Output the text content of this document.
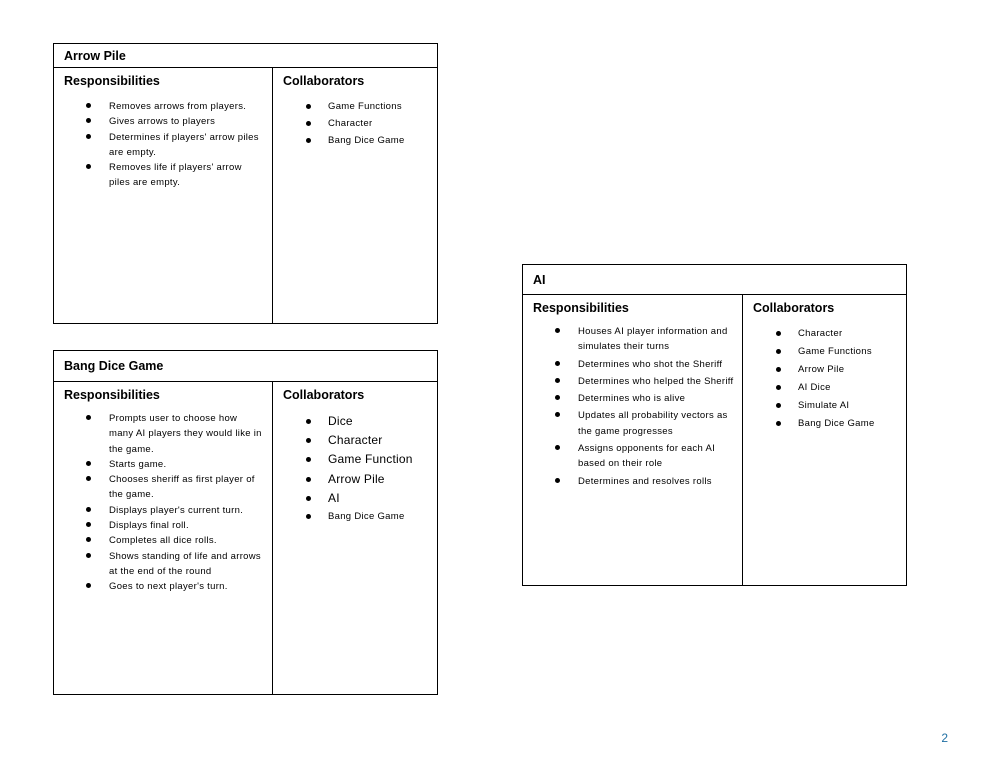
Arrow Pile
Responsibilities
Removes arrows from players.
Gives arrows to players
Determines if players' arrow piles are empty.
Removes life if players' arrow piles are empty.
Collaborators
Game Functions
Character
Bang Dice Game
Bang Dice Game
Responsibilities
Prompts user to choose how many AI players they would like in the game.
Starts game.
Chooses sheriff as first player of the game.
Displays player's current turn.
Displays final roll.
Completes all dice rolls.
Shows standing of life and arrows at the end of the round
Goes to next player's turn.
Collaborators
Dice
Character
Game Function
Arrow Pile
AI
Bang Dice Game
AI
Responsibilities
Houses AI player information and simulates their turns
Determines who shot the Sheriff
Determines who helped the Sheriff
Determines who is alive
Updates all probability vectors as the game progresses
Assigns opponents for each AI based on their role
Determines and resolves rolls
Collaborators
Character
Game Functions
Arrow Pile
AI Dice
Simulate AI
Bang Dice Game
2
